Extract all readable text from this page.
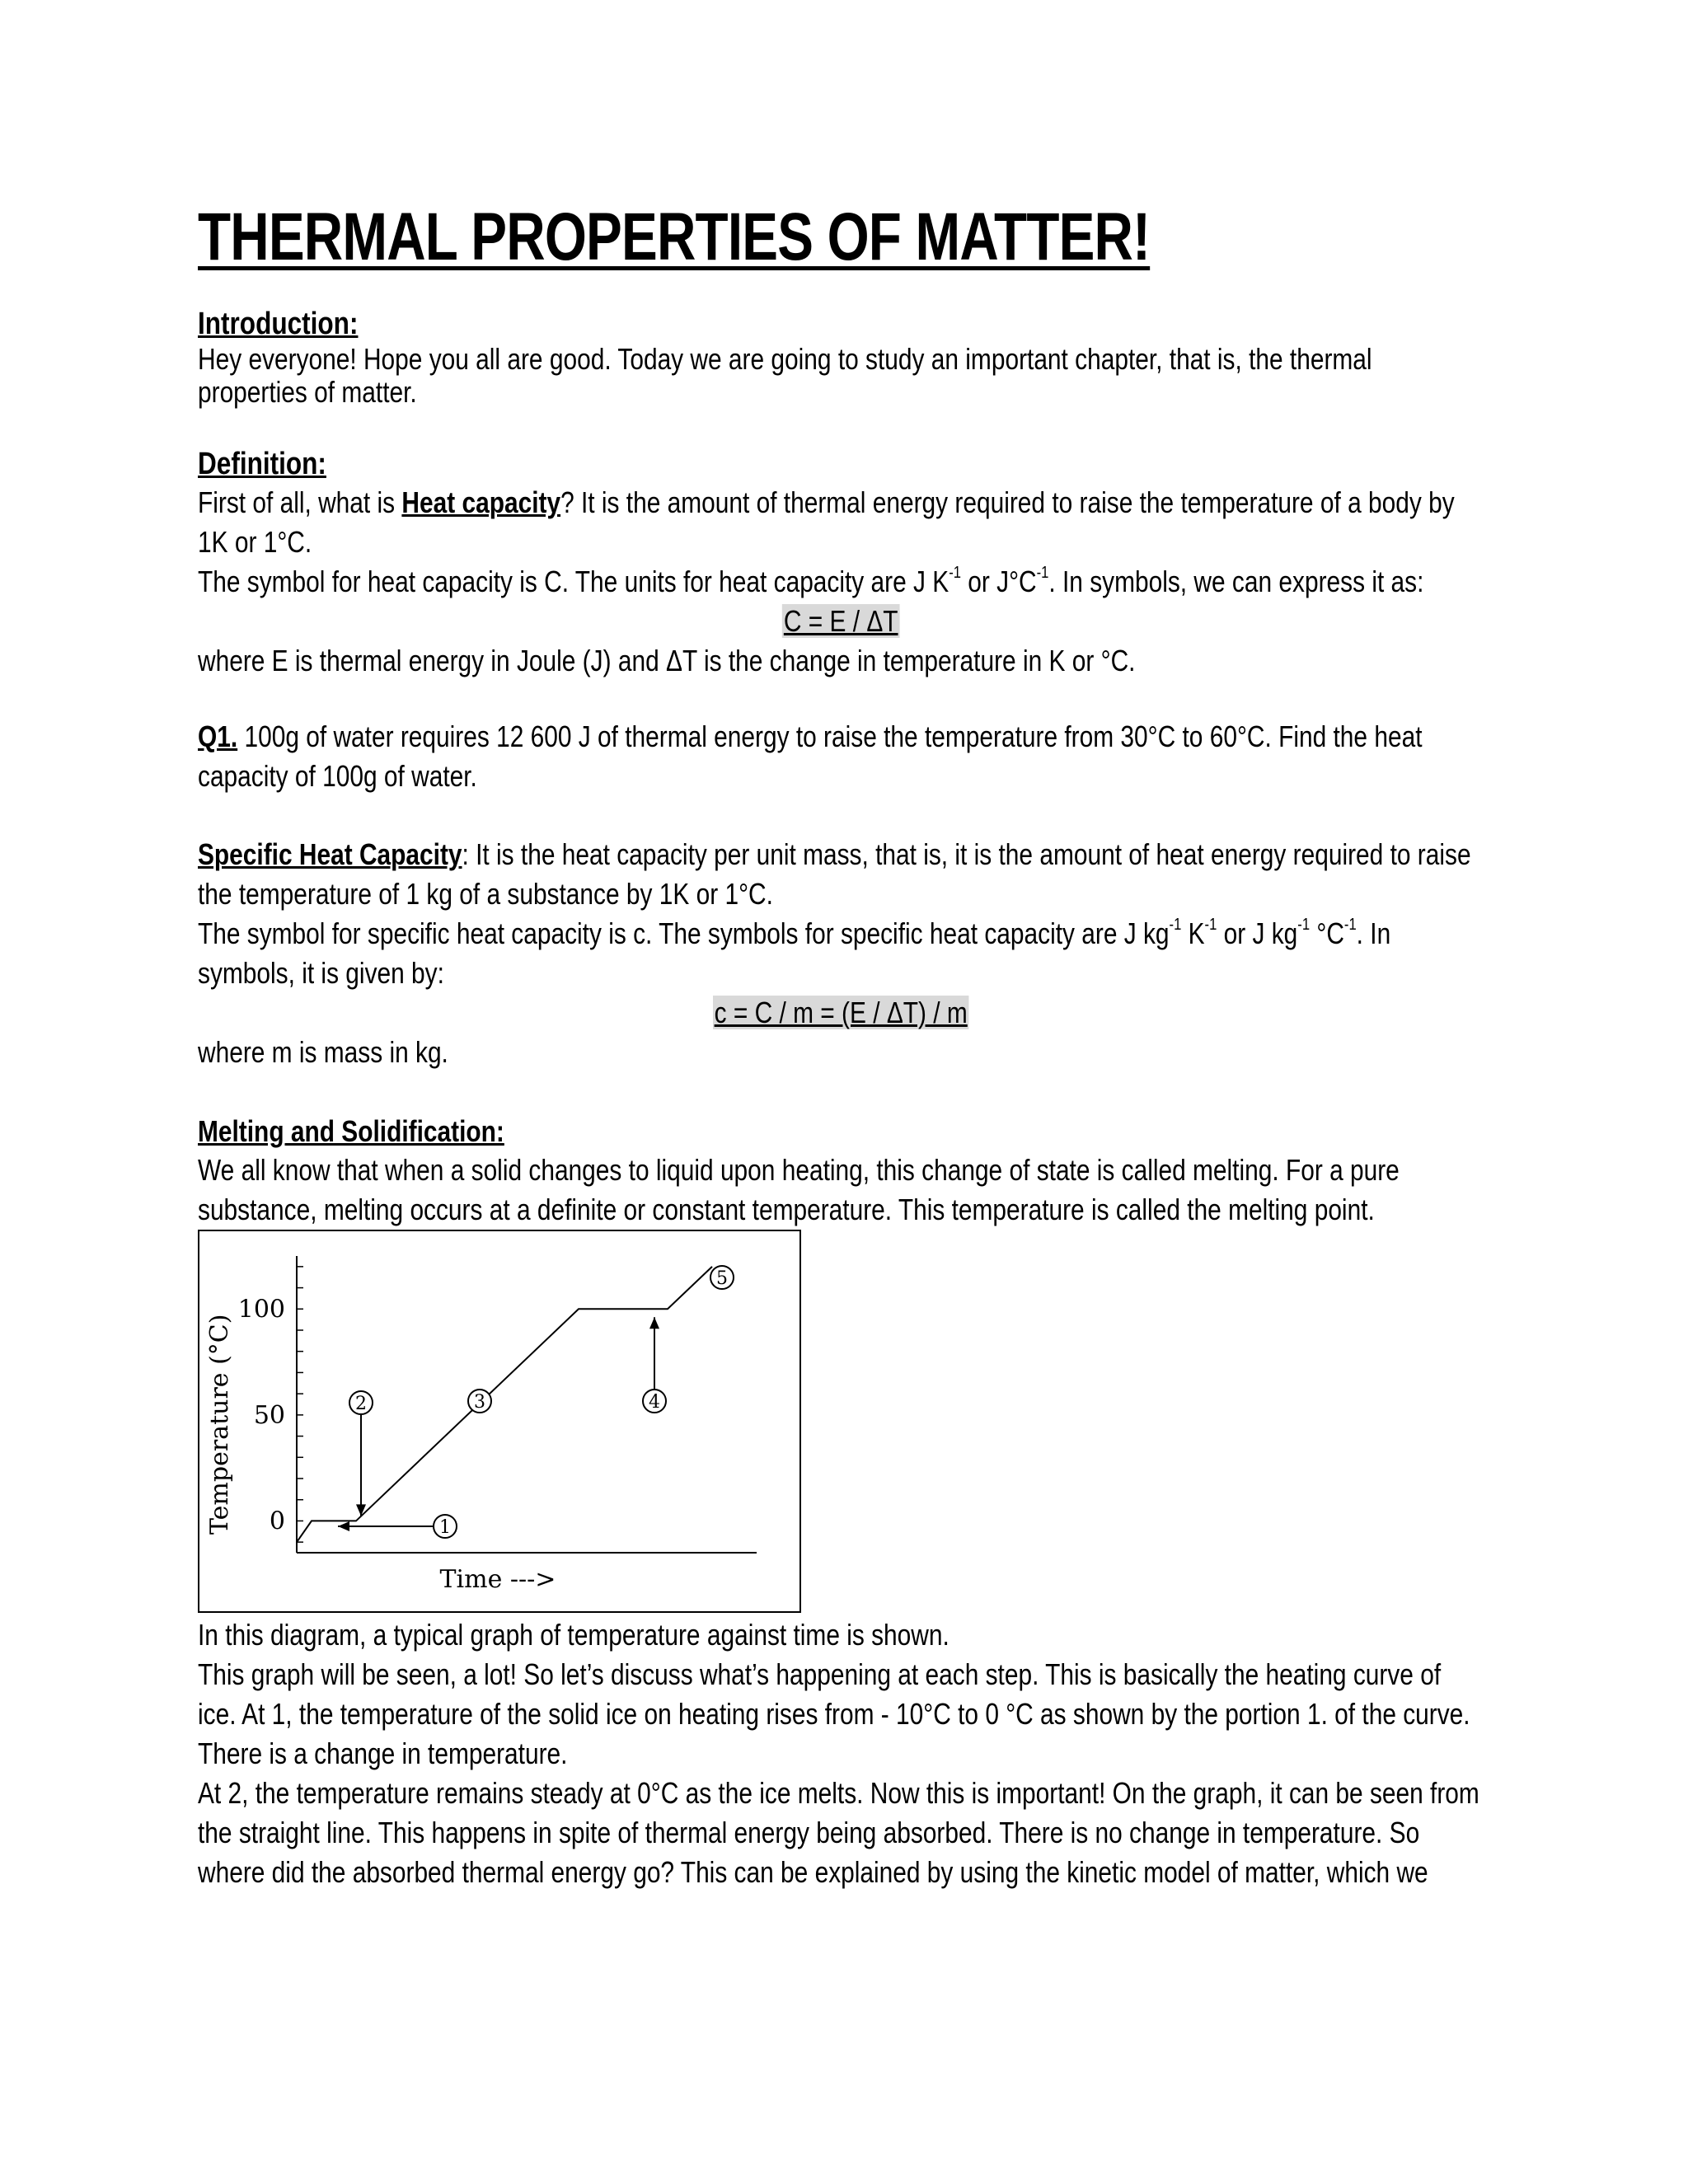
THERMAL PROPERTIES OF MATTER!

Introduction:

Hey everyone! Hope you all are good. Today we are going to study an important chapter, that is, the thermal properties of matter.

Definition:

First of all, what is Heat capacity? It is the amount of thermal energy required to raise the temperature of a body by 1K or 1°C.

The symbol for heat capacity is C. The units for heat capacity are J $K^{-1}$ or $J^\circ C^{-1}$. In symbols, we can express it as:

C = E / ΔT

where E is thermal energy in Joule (J) and ΔT is the change in temperature in K or °C.

Q1. 100g of water requires 12 600 J of thermal energy to raise the temperature from 30°C to 60°C. Find the heat capacity of 100g of water.

Specific Heat Capacity: It is the heat capacity per unit mass, that is, it is the amount of heat energy required to raise the temperature of 1 kg of a substance by 1K or 1°C.

The symbol for specific heat capacity is c. The symbols for specific heat capacity are J $kg^{-1}$ $K^{-1}$ or J $kg^{-1}$ $^\circ C^{-1}$. In symbols, it is given by:

c = C / m = (E / ΔT) / m

where m is mass in kg.

Melting and Solidification:

We all know that when a solid changes to liquid upon heating, this change of state is called melting. For a pure substance, melting occurs at a definite or constant temperature. This temperature is called the melting point.

0
50
100
1
2	3	4
5
Temperature (°C)
Time --->

In this diagram, a typical graph of temperature against time is shown.

This graph will be seen, a lot! So let’s discuss what’s happening at each step. This is basically the heating curve of ice. At 1, the temperature of the solid ice on heating rises from - 10°C to 0 °C as shown by the portion 1. of the curve. There is a change in temperature.

At 2, the temperature remains steady at 0°C as the ice melts. Now this is important! On the graph, it can be seen from the straight line. This happens in spite of thermal energy being absorbed. There is no change in temperature. So where did the absorbed thermal energy go? This can be explained by using the kinetic model of matter, which we
